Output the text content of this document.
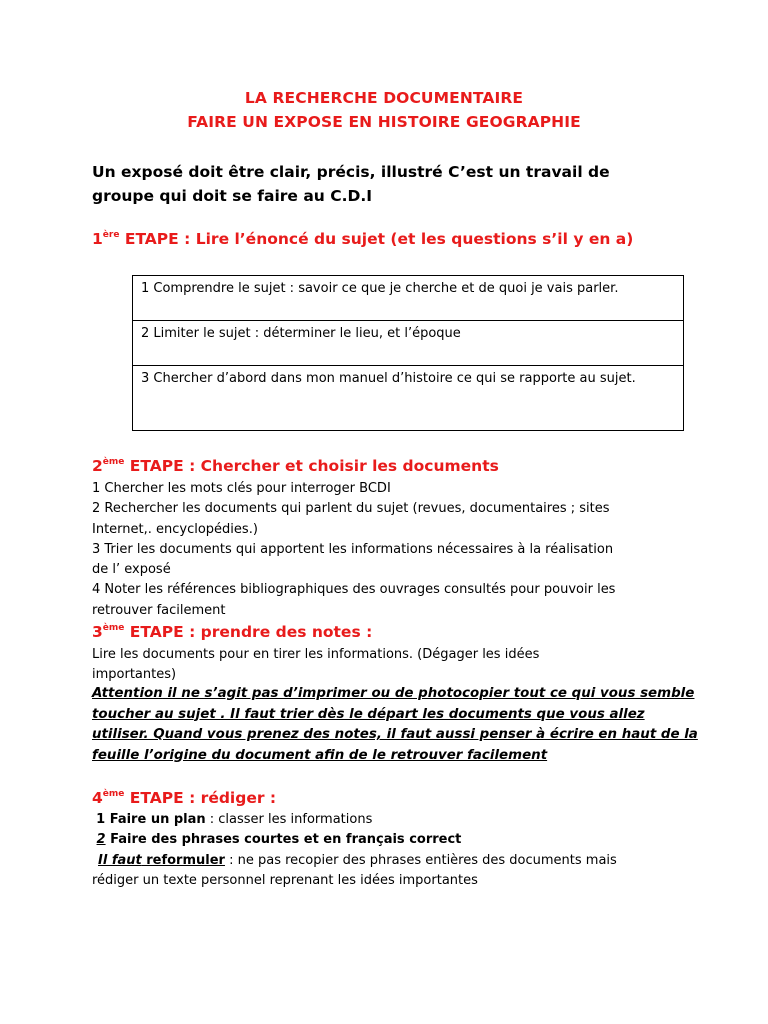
LA RECHERCHE DOCUMENTAIRE
FAIRE UN EXPOSE EN HISTOIRE GEOGRAPHIE
Un exposé doit être clair, précis, illustré C’est un travail de
groupe qui doit se faire au C.D.I
1ère ETAPE : Lire l’énoncé du sujet (et les questions s’il y en a)
1 Comprendre le sujet : savoir ce que je cherche et de quoi je vais parler.
2 Limiter le sujet : déterminer le lieu, et l’époque
3 Chercher d’abord dans mon manuel d’histoire ce qui se rapporte au sujet.
2ème ETAPE : Chercher et choisir les documents
1 Chercher les mots clés pour interroger BCDI
2 Rechercher les documents qui parlent du sujet (revues, documentaires ; sites
Internet,. encyclopédies.)
3 Trier les documents qui apportent les informations nécessaires à la réalisation
de l’ exposé
4 Noter les références bibliographiques des ouvrages consultés pour pouvoir les
retrouver facilement
3ème ETAPE : prendre des notes :
Lire les documents pour en tirer les informations. (Dégager les idées
importantes)
Attention il ne s’agit pas d’imprimer ou de photocopier tout ce qui vous semble
toucher au sujet . Il faut trier dès le départ les documents que vous allez
utiliser. Quand vous prenez des notes, il faut aussi penser à écrire en haut de la
feuille l’origine du document afin de le retrouver facilement
4ème ETAPE : rédiger :
1 Faire un plan : classer les informations
2 Faire des phrases courtes et en français correct
Il faut reformuler : ne pas recopier des phrases entières des documents mais
rédiger un texte personnel reprenant les idées importantes
